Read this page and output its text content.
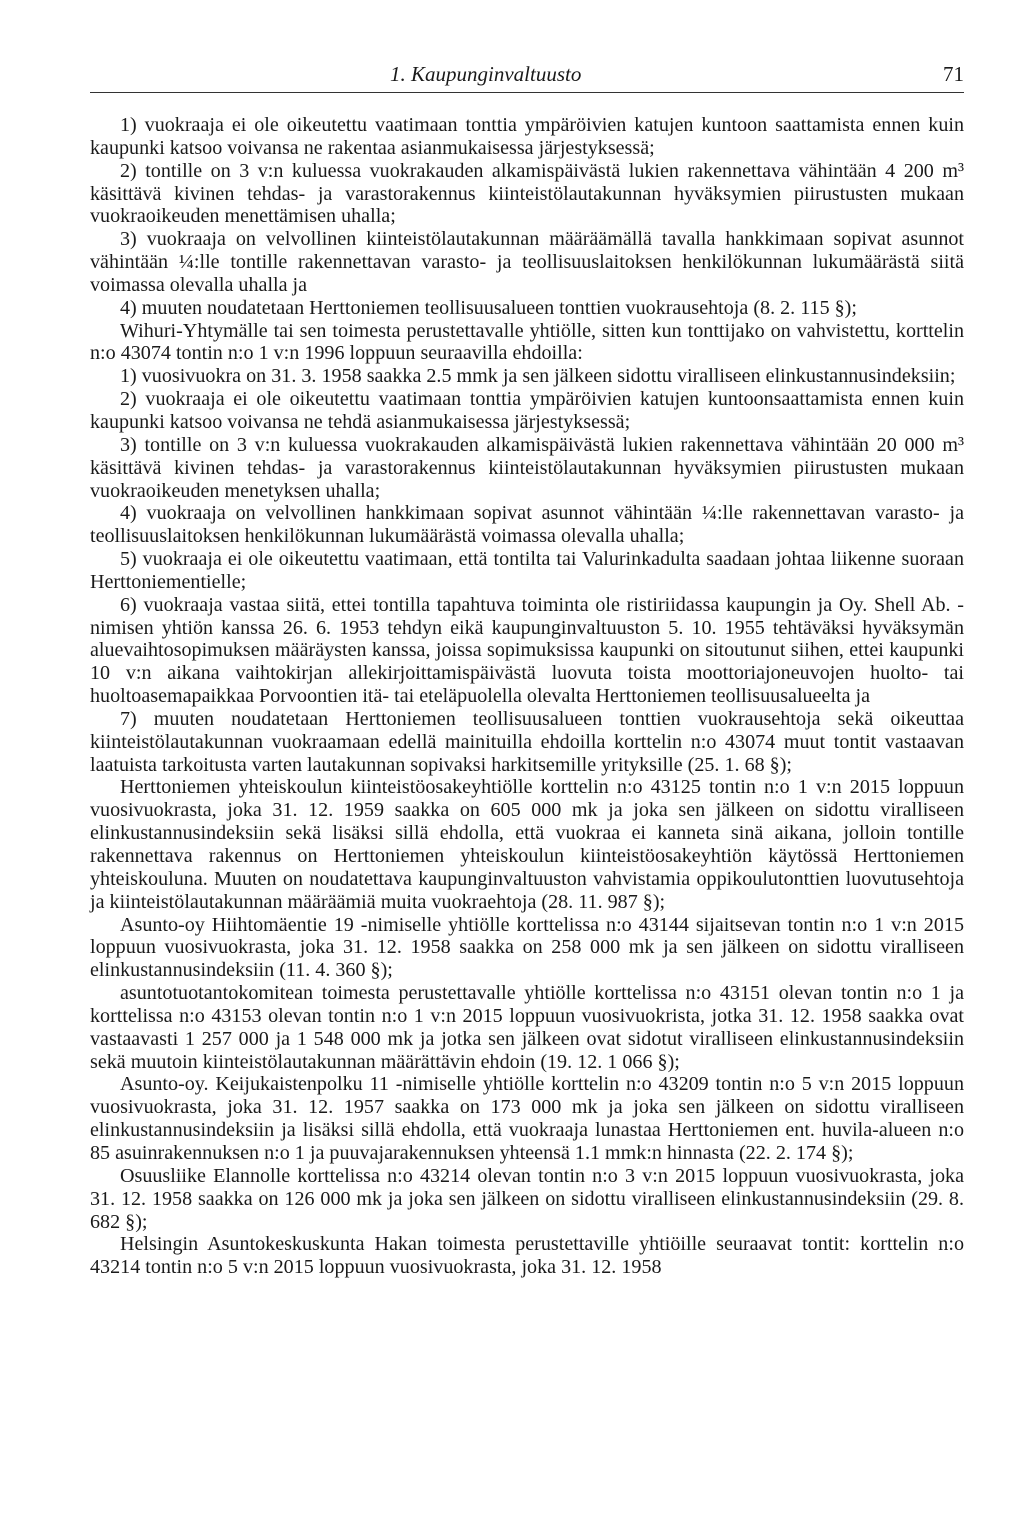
1. Kaupunginvaltuusto	71

1) vuokraaja ei ole oikeutettu vaatimaan tonttia ympäröivien katujen kuntoon saattamista ennen kuin kaupunki katsoo voivansa ne rakentaa asianmukaisessa järjestyksessä;

2) tontille on 3 v:n kuluessa vuokrakauden alkamispäivästä lukien rakennettava vähintään 4 200 m³ käsittävä kivinen tehdas- ja varastorakennus kiinteistölautakunnan hyväksymien piirustusten mukaan vuokraoikeuden menettämisen uhalla;

3) vuokraaja on velvollinen kiinteistölautakunnan määräämällä tavalla hankkimaan sopivat asunnot vähintään ¼:lle tontille rakennettavan varasto- ja teollisuuslaitoksen henkilökunnan lukumäärästä siitä voimassa olevalla uhalla ja

4) muuten noudatetaan Herttoniemen teollisuusalueen tonttien vuokrausehtoja (8. 2. 115 §);

Wihuri-Yhtymälle tai sen toimesta perustettavalle yhtiölle, sitten kun tonttijako on vahvistettu, korttelin n:o 43074 tontin n:o 1 v:n 1996 loppuun seuraavilla ehdoilla:

1) vuosivuokra on 31. 3. 1958 saakka 2.5 mmk ja sen jälkeen sidottu viralliseen elinkustannusindeksiin;

2) vuokraaja ei ole oikeutettu vaatimaan tonttia ympäröivien katujen kuntoonsaattamista ennen kuin kaupunki katsoo voivansa ne tehdä asianmukaisessa järjestyksessä;

3) tontille on 3 v:n kuluessa vuokrakauden alkamispäivästä lukien rakennettava vähintään 20 000 m³ käsittävä kivinen tehdas- ja varastorakennus kiinteistölautakunnan hyväksymien piirustusten mukaan vuokraoikeuden menetyksen uhalla;

4) vuokraaja on velvollinen hankkimaan sopivat asunnot vähintään ¼:lle rakennettavan varasto- ja teollisuuslaitoksen henkilökunnan lukumäärästä voimassa olevalla uhalla;

5) vuokraaja ei ole oikeutettu vaatimaan, että tontilta tai Valurinkadulta saadaan johtaa liikenne suoraan Herttoniementielle;

6) vuokraaja vastaa siitä, ettei tontilla tapahtuva toiminta ole ristiriidassa kaupungin ja Oy. Shell Ab. -nimisen yhtiön kanssa 26. 6. 1953 tehdyn eikä kaupunginvaltuuston 5. 10. 1955 tehtäväksi hyväksymän aluevaihtosopimuksen määräysten kanssa, joissa sopimuksissa kaupunki on sitoutunut siihen, ettei kaupunki 10 v:n aikana vaihtokirjan allekirjoittamispäivästä luovuta toista moottoriajoneuvojen huolto- tai huoltoasemapaikkaa Porvoontien itä- tai eteläpuolella olevalta Herttoniemen teollisuusalueelta ja

7) muuten noudatetaan Herttoniemen teollisuusalueen tonttien vuokrausehtoja sekä oikeuttaa kiinteistölautakunnan vuokraamaan edellä mainituilla ehdoilla korttelin n:o 43074 muut tontit vastaavan laatuista tarkoitusta varten lautakunnan sopivaksi harkitsemille yrityksille (25. 1. 68 §);

Herttoniemen yhteiskoulun kiinteistöosakeyhtiölle korttelin n:o 43125 tontin n:o 1 v:n 2015 loppuun vuosivuokrasta, joka 31. 12. 1959 saakka on 605 000 mk ja joka sen jälkeen on sidottu viralliseen elinkustannusindeksiin sekä lisäksi sillä ehdolla, että vuokraa ei kanneta sinä aikana, jolloin tontille rakennettava rakennus on Herttoniemen yhteiskoulun kiinteistöosakeyhtiön käytössä Herttoniemen yhteiskouluna. Muuten on noudatettava kaupunginvaltuuston vahvistamia oppikoulutonttien luovutusehtoja ja kiinteistölautakunnan määräämiä muita vuokraehtoja (28. 11. 987 §);

Asunto-oy Hiihtomäentie 19 -nimiselle yhtiölle korttelissa n:o 43144 sijaitsevan tontin n:o 1 v:n 2015 loppuun vuosivuokrasta, joka 31. 12. 1958 saakka on 258 000 mk ja sen jälkeen on sidottu viralliseen elinkustannusindeksiin (11. 4. 360 §);

asuntotuotantokomitean toimesta perustettavalle yhtiölle korttelissa n:o 43151 olevan tontin n:o 1 ja korttelissa n:o 43153 olevan tontin n:o 1 v:n 2015 loppuun vuosivuokrista, jotka 31. 12. 1958 saakka ovat vastaavasti 1 257 000 ja 1 548 000 mk ja jotka sen jälkeen ovat sidotut viralliseen elinkustannusindeksiin sekä muutoin kiinteistölautakunnan määrättävin ehdoin (19. 12. 1 066 §);

Asunto-oy. Keijukaistenpolku 11 -nimiselle yhtiölle korttelin n:o 43209 tontin n:o 5 v:n 2015 loppuun vuosivuokrasta, joka 31. 12. 1957 saakka on 173 000 mk ja joka sen jälkeen on sidottu viralliseen elinkustannusindeksiin ja lisäksi sillä ehdolla, että vuokraaja lunastaa Herttoniemen ent. huvila-alueen n:o 85 asuinrakennuksen n:o 1 ja puuvajarakennuksen yhteensä 1.1 mmk:n hinnasta (22. 2. 174 §);

Osuusliike Elannolle korttelissa n:o 43214 olevan tontin n:o 3 v:n 2015 loppuun vuosivuokrasta, joka 31. 12. 1958 saakka on 126 000 mk ja joka sen jälkeen on sidottu viralliseen elinkustannusindeksiin (29. 8. 682 §);

Helsingin Asuntokeskuskunta Hakan toimesta perustettaville yhtiöille seuraavat tontit: korttelin n:o 43214 tontin n:o 5 v:n 2015 loppuun vuosivuokrasta, joka 31. 12. 1958
